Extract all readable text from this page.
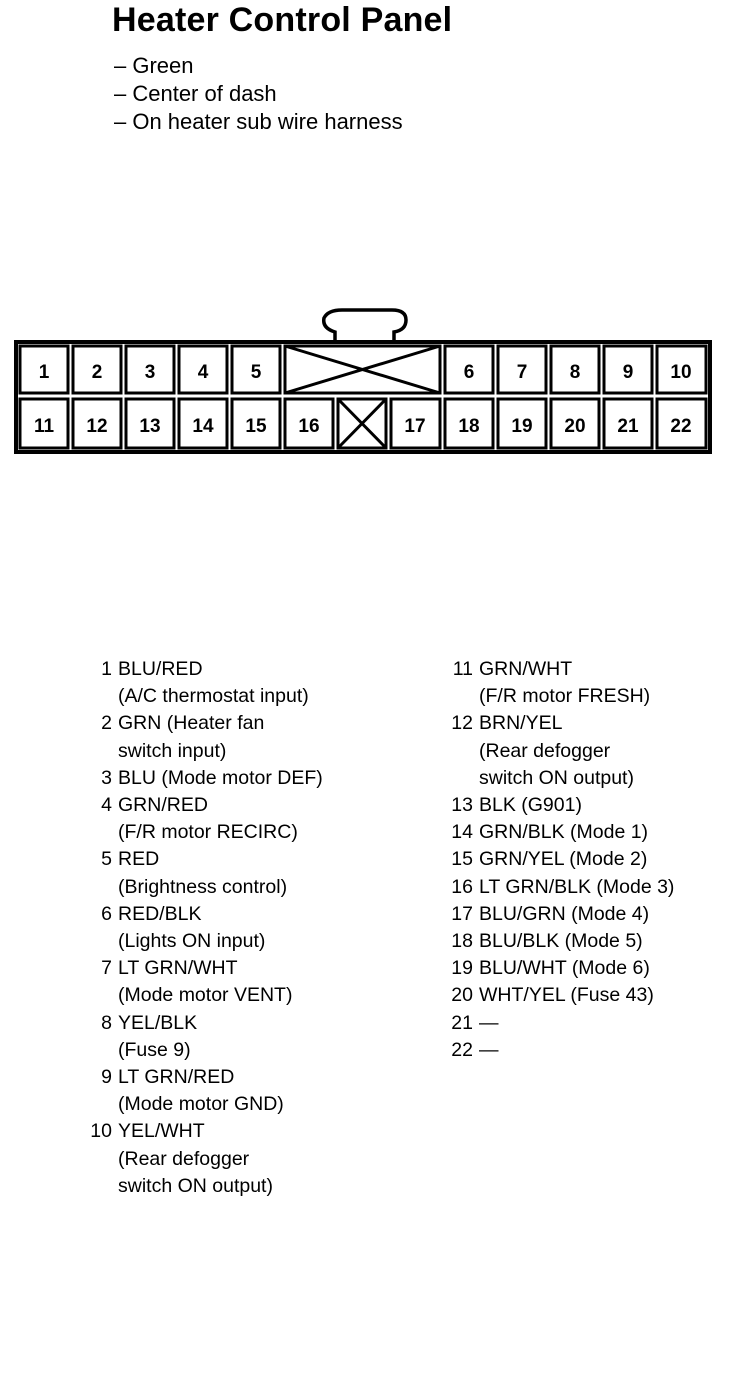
Heater Control Panel
– Green
– Center of dash
– On heater sub wire harness
1 2 3 4 5	6 7 8 9 10
11 12 13 14 15 16	17 18 19 20 21 22
1 BLU/RED
(A/C thermostat input)
2 GRN (Heater fan
switch input)
3 BLU (Mode motor DEF)
4 GRN/RED
(F/R motor RECIRC)
5 RED
(Brightness control)
6 RED/BLK
(Lights ON input)
7 LT GRN/WHT
(Mode motor VENT)
8 YEL/BLK
(Fuse 9)
9 LT GRN/RED
(Mode motor GND)
10 YEL/WHT
(Rear defogger
switch ON output)
11 GRN/WHT
(F/R motor FRESH)
12 BRN/YEL
(Rear defogger
switch ON output)
13 BLK (G901)
14 GRN/BLK (Mode 1)
15 GRN/YEL (Mode 2)
16 LT GRN/BLK (Mode 3)
17 BLU/GRN (Mode 4)
18 BLU/BLK (Mode 5)
19 BLU/WHT (Mode 6)
20 WHT/YEL (Fuse 43)
21 —
22 —
